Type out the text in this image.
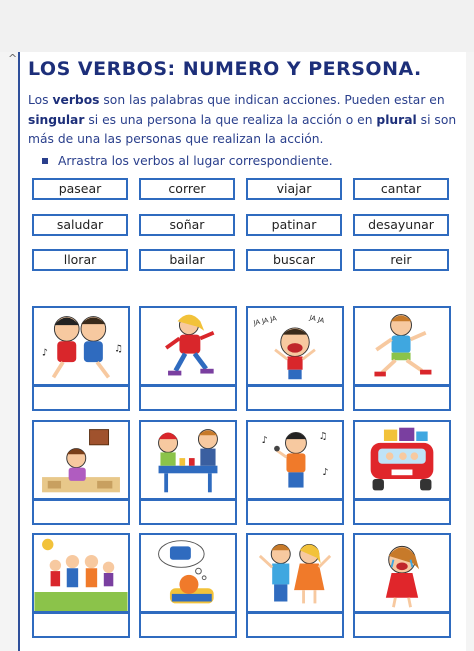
^ LOS VERBOS: NUMERO Y PERSONA.
Los verbos son las palabras que indican acciones. Pueden estar en singular si es una persona la que realiza la acción o en plural si son más de una las personas que realizan la acción.
Arrastra los verbos al lugar correspondiente.
pasear	correr	viajar	cantar
saludar	soñar	patinar	desayunar
llorar	bailar	buscar	reir
♪	♫
JA JA JA	JA JA
♪	♫
♪
